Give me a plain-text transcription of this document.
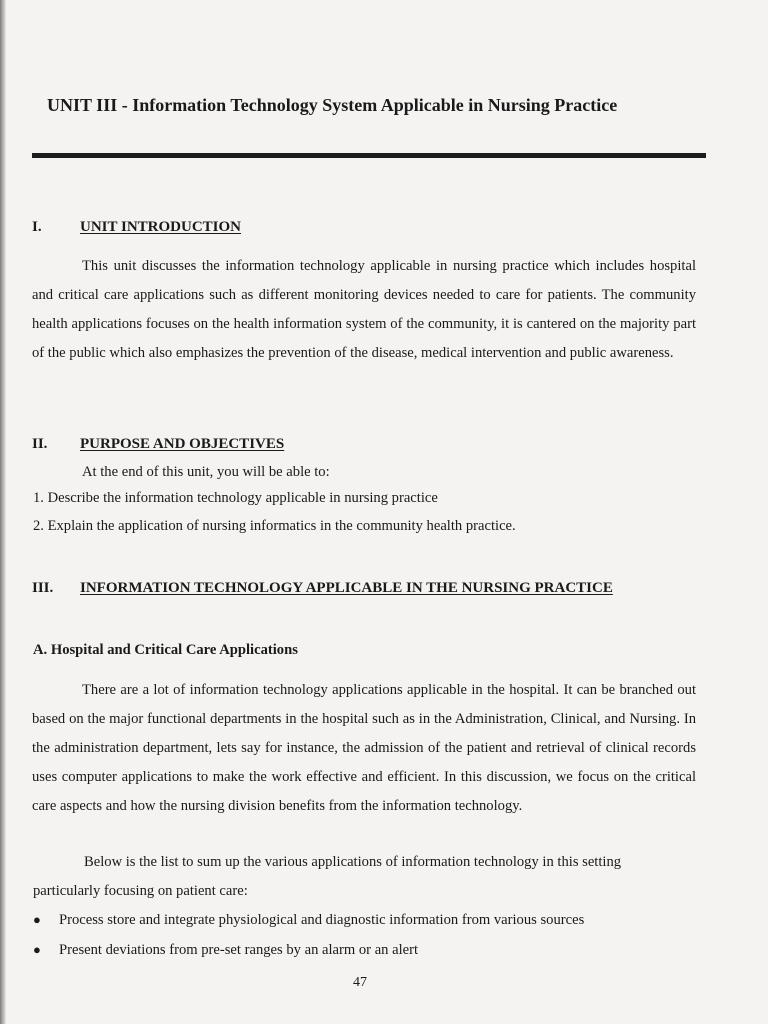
UNIT III - Information Technology System Applicable in Nursing Practice
I.	UNIT INTRODUCTION
This unit discusses the information technology applicable in nursing practice which includes hospital and critical care applications such as different monitoring devices needed to care for patients. The community health applications focuses on the health information system of the community, it is cantered on the majority part of the public which also emphasizes the prevention of the disease, medical intervention and public awareness.
II. PURPOSE AND OBJECTIVES
At the end of this unit, you will be able to:
1. Describe the information technology applicable in nursing practice
2. Explain the application of nursing informatics in the community health practice.
III. INFORMATION TECHNOLOGY APPLICABLE IN THE NURSING PRACTICE
A. Hospital and Critical Care Applications
There are a lot of information technology applications applicable in the hospital. It can be branched out based on the major functional departments in the hospital such as in the Administration, Clinical, and Nursing. In the administration department, lets say for instance, the admission of the patient and retrieval of clinical records uses computer applications to make the work effective and efficient. In this discussion, we focus on the critical care aspects and how the nursing division benefits from the information technology.
Below is the list to sum up the various applications of information technology in this setting
particularly focusing on patient care:
● Process store and integrate physiological and diagnostic information from various sources
● Present deviations from pre-set ranges by an alarm or an alert
47
